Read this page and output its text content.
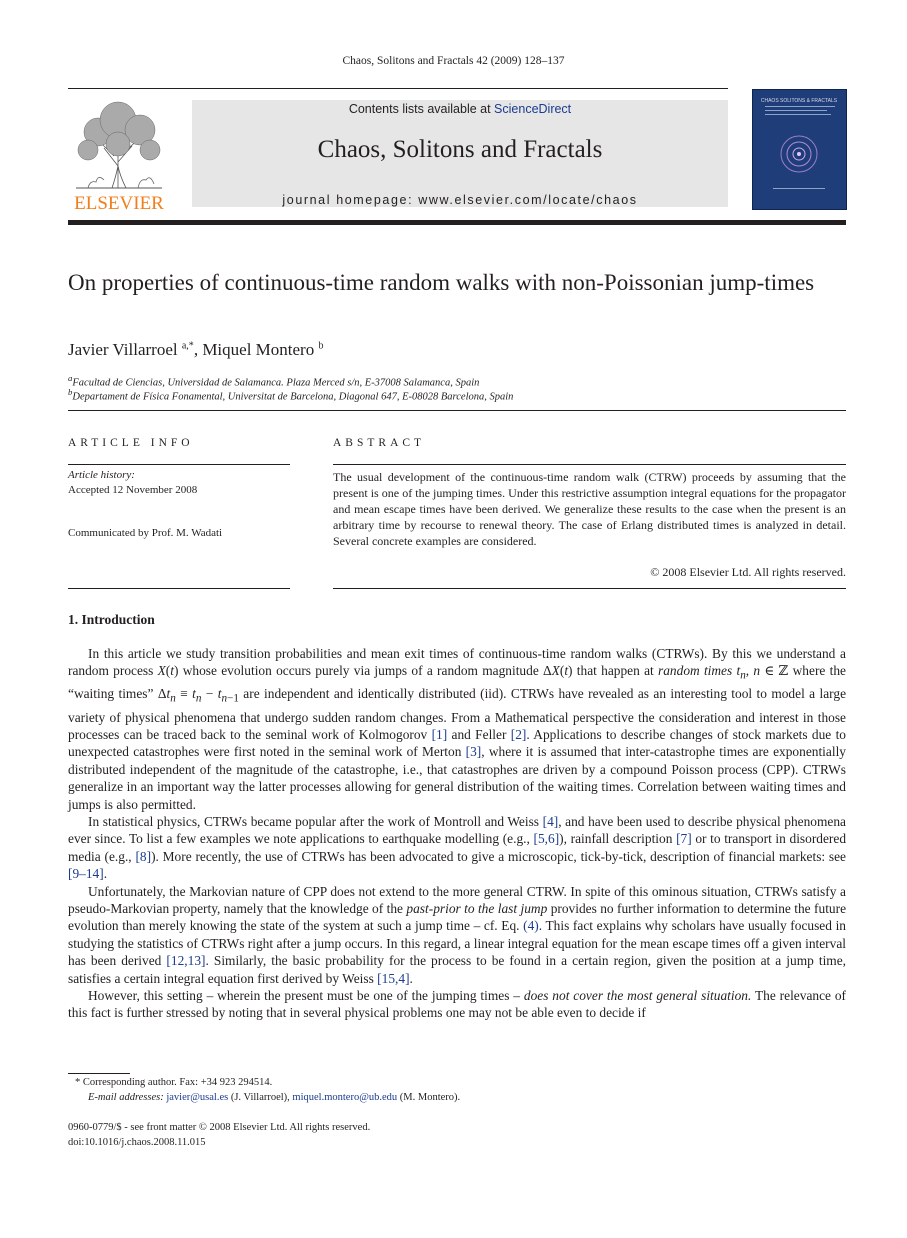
Chaos, Solitons and Fractals 42 (2009) 128–137
ELSEVIER
Contents lists available at ScienceDirect
Chaos, Solitons and Fractals
journal homepage: www.elsevier.com/locate/chaos
CHAOS SOLITONS & FRACTALS
On properties of continuous-time random walks with non-Poissonian jump-times
Javier Villarroel $^{a,*}$, Miquel Montero $^b$
$^a$Facultad de Ciencias, Universidad de Salamanca. Plaza Merced s/n, E-37008 Salamanca, Spain
$^b$Departament de Física Fonamental, Universitat de Barcelona, Diagonal 647, E-08028 Barcelona, Spain
ARTICLE INFO	ABSTRACT
Article history:
Accepted 12 November 2008
Communicated by Prof. M. Wadati
The usual development of the continuous-time random walk (CTRW) proceeds by assuming that the present is one of the jumping times. Under this restrictive assumption integral equations for the propagator and mean escape times have been derived. We generalize these results to the case when the present is an arbitrary time by recourse to renewal theory. The case of Erlang distributed times is analyzed in detail. Several concrete examples are considered.
© 2008 Elsevier Ltd. All rights reserved.
1. Introduction

In this article we study transition probabilities and mean exit times of continuous-time random walks (CTRWs). By this we understand a random process X(t) whose evolution occurs purely via jumps of a random magnitude ΔX(t) that happen at random times $t_n$, n ∈ ℤ where the “waiting times” $\Delta t_n \equiv t_n - t_{n-1}$ are independent and identically distributed (iid). CTRWs have revealed as an interesting tool to model a large variety of physical phenomena that undergo sudden random changes. From a Mathematical perspective the consideration and interest in those processes can be traced back to the seminal work of Kolmogorov [1] and Feller [2]. Applications to describe changes of stock markets due to unexpected catastrophes were first noted in the seminal work of Merton [3], where it is assumed that inter-catastrophe times are exponentially distributed independent of the magnitude of the catastrophe, i.e., that catastrophes are driven by a compound Poisson process (CPP). CTRWs generalize in an important way the latter processes allowing for general distribution of the waiting times. Correlation between waiting times and jumps is also permitted.

In statistical physics, CTRWs became popular after the work of Montroll and Weiss [4], and have been used to describe physical phenomena ever since. To list a few examples we note applications to earthquake modelling (e.g., [5,6]), rainfall description [7] or to transport in disordered media (e.g., [8]). More recently, the use of CTRWs has been advocated to give a microscopic, tick-by-tick, description of financial markets: see [9–14].

Unfortunately, the Markovian nature of CPP does not extend to the more general CTRW. In spite of this ominous situation, CTRWs satisfy a pseudo-Markovian property, namely that the knowledge of the past-prior to the last jump provides no further information to determine the future evolution than merely knowing the state of the system at such a jump time – cf. Eq. (4). This fact explains why scholars have usually focused in studying the statistics of CTRWs right after a jump occurs. In this regard, a linear integral equation for the mean escape times off a given interval has been derived [12,13]. Similarly, the basic probability for the process to be found in a certain region, given the position at a jump time, satisfies a certain integral equation first derived by Weiss [15,4].

However, this setting – wherein the present must be one of the jumping times – does not cover the most general situation. The relevance of this fact is further stressed by noting that in several physical problems one may not be able even to decide if

* Corresponding author. Fax: +34 923 294514.
E-mail addresses: javier@usal.es (J. Villarroel), miquel.montero@ub.edu (M. Montero).
0960-0779/$ - see front matter © 2008 Elsevier Ltd. All rights reserved.
doi:10.1016/j.chaos.2008.11.015
